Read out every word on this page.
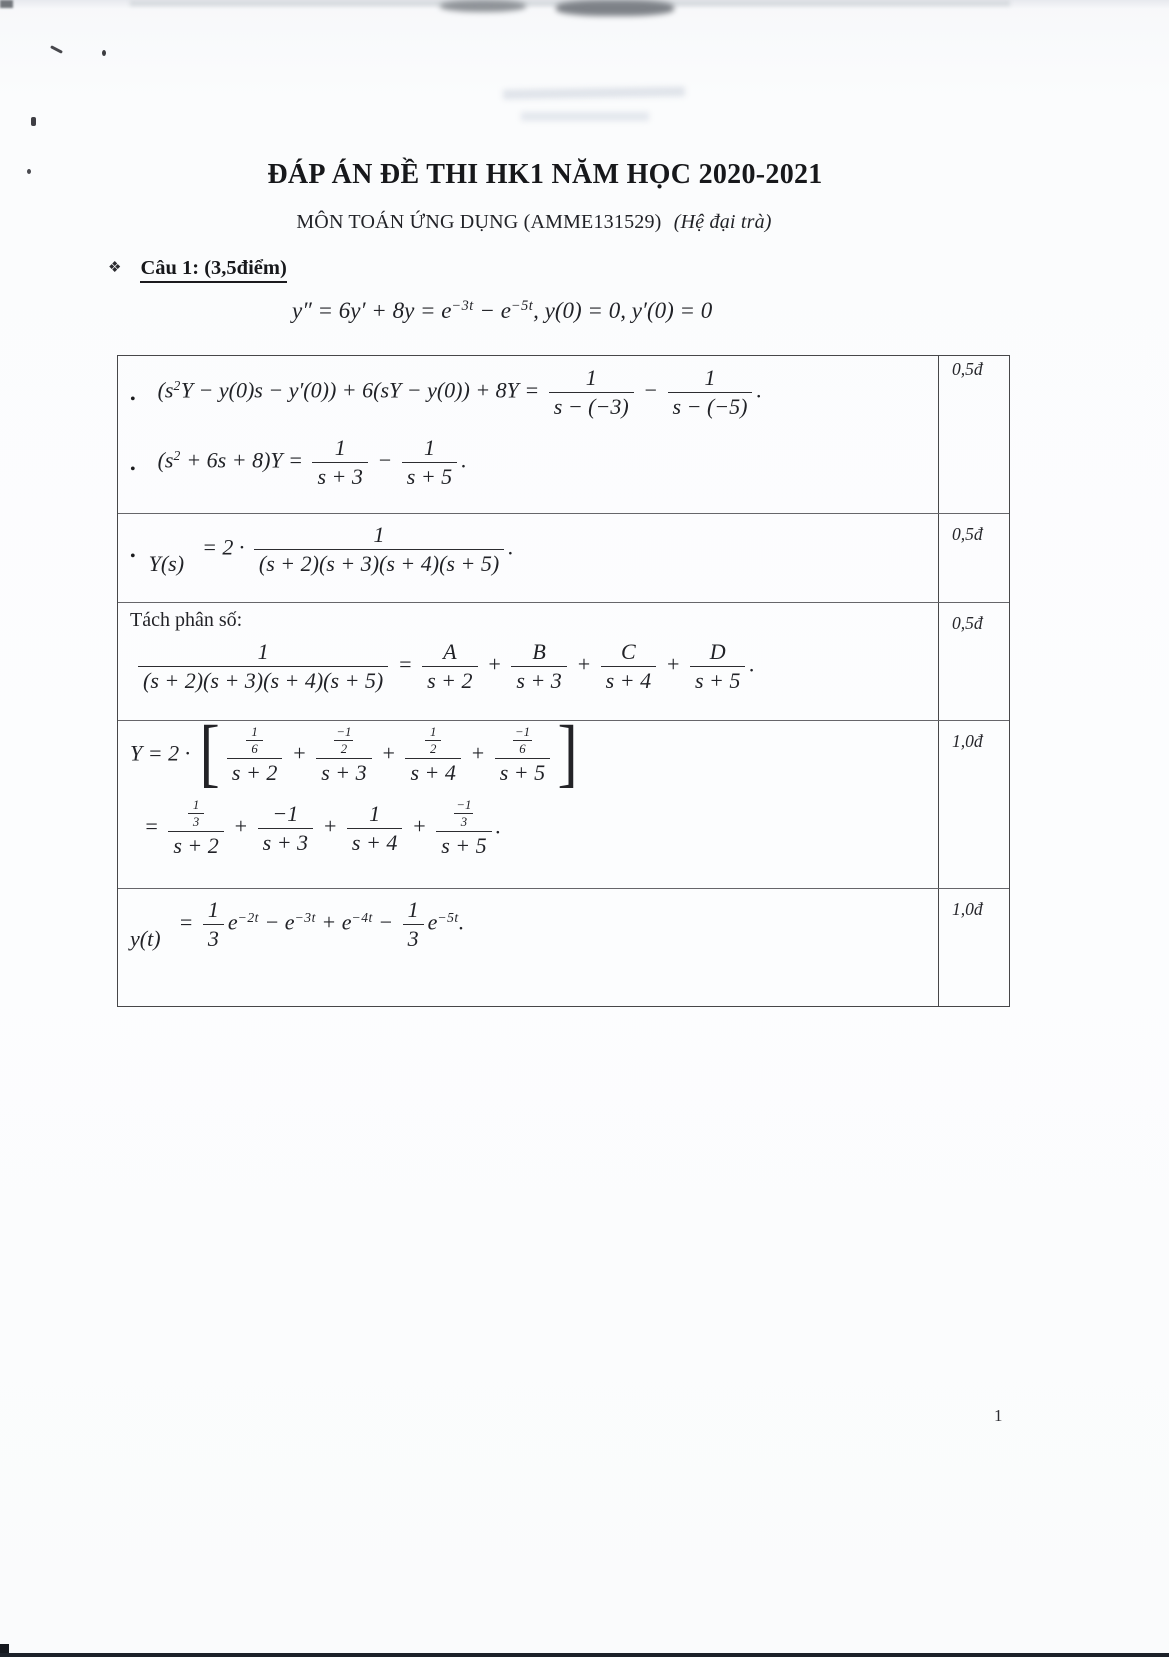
ĐÁP ÁN ĐỀ THI HK1 NĂM HỌC 2020-2021
MÔN TOÁN ỨNG DỤNG (AMME131529) (Hệ đại trà)
❖ Câu 1: (3,5điểm)
$y'' = 6y' + 8y = e^{-3t} - e^{-5t}$, y(0) = 0, y′(0) = 0
• $(s^2Y - y(0)s - y'(0)) + 6(sY - y(0)) + 8Y = \frac{1}{s - (-3)} - \frac{1}{s - (-5)}$ .
• $(s^2 + 6s + 8)Y = \frac{1}{s + 3} - \frac{1}{s + 5}$ .
0,5đ
• Y(s)
= $2 \cdot \frac{1}{(s + 2)(s + 3)(s + 4)(s + 5)}$ .
0,5đ
Tách phân số:
$\frac{1}{(s + 2)(s + 3)(s + 4)(s + 5)} = \frac{A}{s + 2} + \frac{B}{s + 3} + \frac{C}{s + 4} + \frac{D}{s + 5}$ .
0,5đ
Y = 2 · [ $\frac{\frac{1}{6}}{s + 2} + \frac{\frac{-1}{2}}{s + 3} + \frac{\frac{1}{2}}{s + 4} + \frac{\frac{-1}{6}}{s + 5}$ ]
= $\frac{\frac{1}{3}}{s + 2} + \frac{-1}{s + 3} + \frac{1}{s + 4} + \frac{\frac{-1}{3}}{s + 5}$ .
1,0đ
y(t)
= $\frac{1}{3} e^{-2t} - e^{-3t} + e^{-4t} - \frac{1}{3} e^{-5t}$.
1,0đ
1
